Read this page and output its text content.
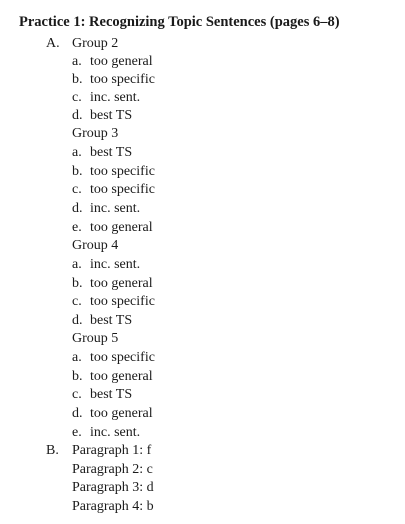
Practice 1: Recognizing Topic Sentences (pages 6–8)
A. Group 2
a. too general
b. too specific
c. inc. sent.
d. best TS
Group 3
a. best TS
b. too specific
c. too specific
d. inc. sent.
e. too general
Group 4
a. inc. sent.
b. too general
c. too specific
d. best TS
Group 5
a. too specific
b. too general
c. best TS
d. too general
e. inc. sent.
B. Paragraph 1: f
Paragraph 2: c
Paragraph 3: d
Paragraph 4: b
